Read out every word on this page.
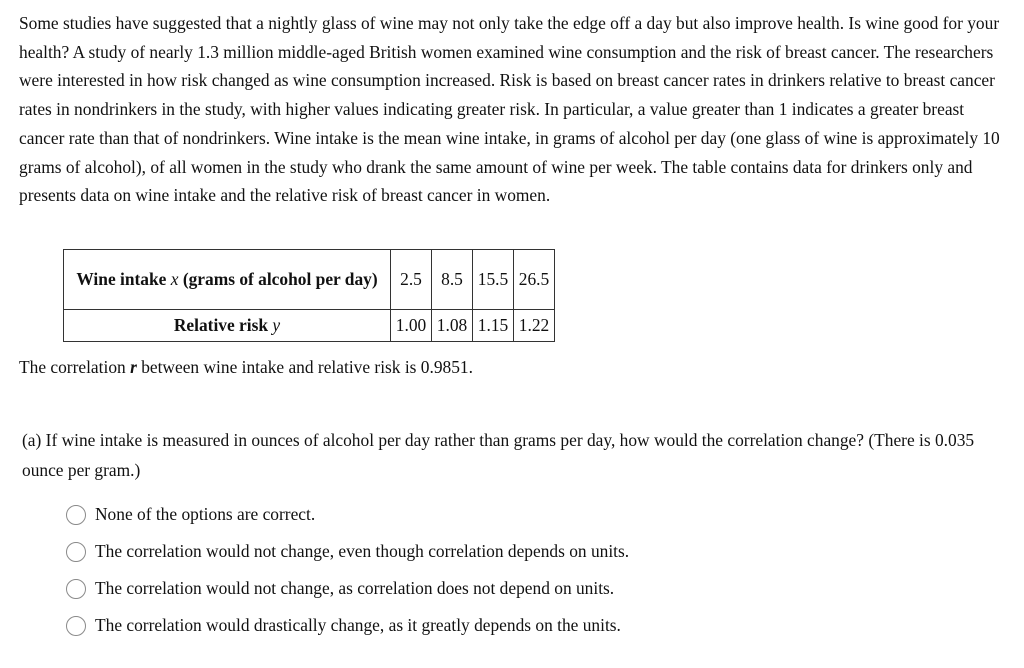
Some studies have suggested that a nightly glass of wine may not only take the edge off a day but also improve health. Is wine good for your health? A study of nearly 1.3 million middle-aged British women examined wine consumption and the risk of breast cancer. The researchers were interested in how risk changed as wine consumption increased. Risk is based on breast cancer rates in drinkers relative to breast cancer rates in nondrinkers in the study, with higher values indicating greater risk. In particular, a value greater than 1 indicates a greater breast cancer rate than that of nondrinkers. Wine intake is the mean wine intake, in grams of alcohol per day (one glass of wine is approximately 10 grams of alcohol), of all women in the study who drank the same amount of wine per week. The table contains data for drinkers only and presents data on wine intake and the relative risk of breast cancer in women.
Wine intake x (grams of alcohol per day)	2.5	8.5	15.5	26.5
Relative risk y	1.00	1.08	1.15	1.22
The correlation r between wine intake and relative risk is 0.9851.
(a) If wine intake is measured in ounces of alcohol per day rather than grams per day, how would the correlation change? (There is 0.035 ounce per gram.)
None of the options are correct.
The correlation would not change, even though correlation depends on units.
The correlation would not change, as correlation does not depend on units.
The correlation would drastically change, as it greatly depends on the units.
